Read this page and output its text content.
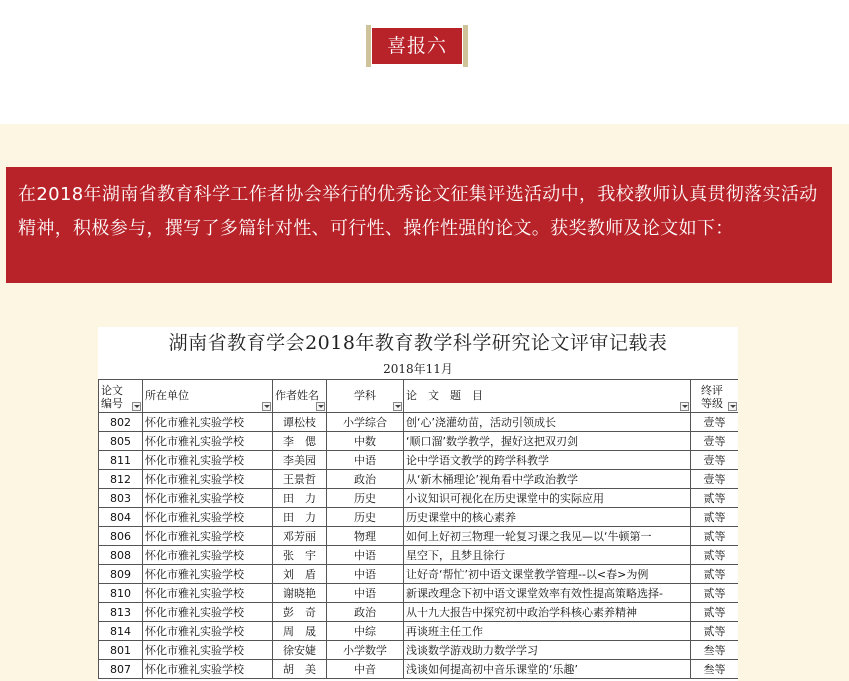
喜报六
在2018年湖南省教育科学工作者协会举行的优秀论文征集评选活动中，我校教师认真贯彻落实活动精神，积极参与，撰写了多篇针对性、可行性、操作性强的论文。获奖教师及论文如下：
湖南省教育学会2018年教育教学科学研究论文评审记载表
2018年11月
论文编号	所在单位	作者姓名	学科	论　文　题　目	终评等级

802	怀化市雅礼实验学校	谭松枝	小学综合	创‘心’浇灌幼苗，活动引领成长	壹等
805	怀化市雅礼实验学校	李　偲	中数	‘顺口溜’数学教学，握好这把双刃剑	壹等
811	怀化市雅礼实验学校	李美园	中语	论中学语文教学的跨学科教学	壹等
812	怀化市雅礼实验学校	王景哲	政治	从‘新木桶理论’视角看中学政治教学	壹等
803	怀化市雅礼实验学校	田　力	历史	小议知识可视化在历史课堂中的实际应用	贰等
804	怀化市雅礼实验学校	田　力	历史	历史课堂中的核心素养	贰等
806	怀化市雅礼实验学校	邓芳丽	物理	如何上好初三物理一轮复习课之我见—以‘牛顿第一	贰等
808	怀化市雅礼实验学校	张　宇	中语	星空下，且梦且徐行	贰等
809	怀化市雅礼实验学校	刘　盾	中语	让好奇‘帮忙’初中语文课堂教学管理--以<春>为例	贰等
810	怀化市雅礼实验学校	谢晓艳	中语	新课改理念下初中语文课堂效率有效性提高策略选择-	贰等
813	怀化市雅礼实验学校	彭　奇	政治	从十九大报告中探究初中政治学科核心素养精神	贰等
814	怀化市雅礼实验学校	周　晟	中综	再谈班主任工作	贰等
801	怀化市雅礼实验学校	徐安婕	小学数学	浅谈数学游戏助力数学学习	叁等
807	怀化市雅礼实验学校	胡　美	中音	浅谈如何提高初中音乐课堂的‘乐趣’	叁等
